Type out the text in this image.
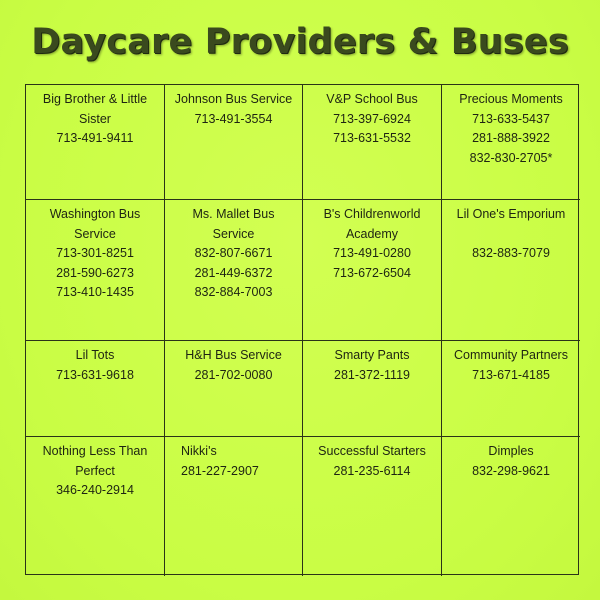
Daycare Providers & Buses
Big Brother & Little
Sister
713-491-9411
Johnson Bus Service
713-491-3554
V&P School Bus
713-397-6924
713-631-5532
Precious Moments
713-633-5437
281-888-3922
832-830-2705*
Washington Bus
Service
713-301-8251
281-590-6273
713-410-1435
Ms. Mallet Bus
Service
832-807-6671
281-449-6372
832-884-7003
B's Childrenworld
Academy
713-491-0280
713-672-6504
Lil One's Emporium

832-883-7079
Lil Tots
713-631-9618
H&H Bus Service
281-702-0080
Smarty Pants
281-372-1119
Community Partners
713-671-4185
Nothing Less Than
Perfect
346-240-2914
Nikki's
281-227-2907
Successful Starters
281-235-6114
Dimples
832-298-9621
